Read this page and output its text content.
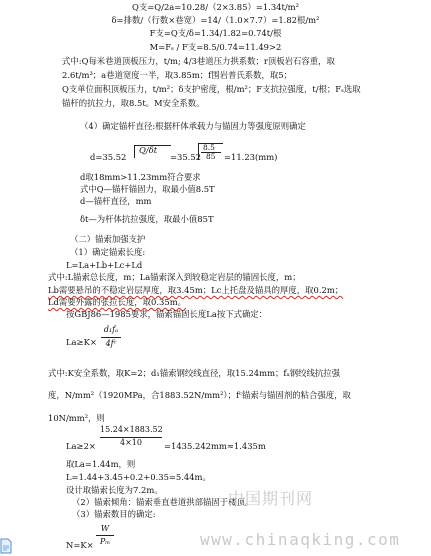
Q支=Q/2a=10.28/（2×3.85）=1.34t/m²
δ=排数/（行数×巷宽）=14/（1.0×7.7）=1.82根/m²
F支=Q支/δ=1.34/1.82=0.74t/根
M=Fₛ / F支=8.5/0.74=11.49>2
式中:Q每米巷道顶板压力，t/m; 4/3巷道压力拱系数；r顶板岩石容重，取
2.6t/m³；a巷道宽度一半，取3.85m；f围岩普氏系数，取5；
Q支单位面积顶板压力，t/m²；δ支护密度，根/m²；F支抗拉强度，t/根；Fₛ选取
锚杆的抗拉力，取8.5t。M安全系数。
（4）确定锚杆直径:根据杆体承载力与锚固力等强度原则确定
d=35.52
Q/δt
=35.52
8.5
85 =11.23(mm)
d取18mm>11.23mm符合要求
式中Q—锚杆锚固力，取最小值8.5T
d—锚杆直径，mm
δt—为杆体抗拉强度，取最小值85T
（二）锚索加强支护
（1）确定锚索长度:
L=La+Lb+Lc+Ld
式中:L锚索总长度，m；La锚索深入到较稳定岩层的锚固长度，m；
Lb需要悬吊的不稳定岩层厚度，取3.45m；Lc上托盘及锚具的厚度，取0.2m；
Ld需要外露的张拉长度，取0.35m。
按GBJ86—1985要求，锚索锚固长度La按下式确定：
d₁fₐ
4fᶜ
La≥K×
式中:K安全系数，取K=2；d₁锚索钢绞线直径，取15.24mm；fₐ钢绞线抗拉强
度，N/mm²（1920MPa，合1883.52N/mm²）；fᶜ锚索与锚固剂的粘合强度，取
10N/mm²，则
15.24×1883.52
4×10
La≥2×	=1435.242mm≈1.435m
取La=1.44m，则
L=1.44+3.45+0.2+0.35=5.44m。
设计取锚索长度为7.2m。
（2）锚索倾角：锚索垂直巷道拱部锚固于楼顶。
（3）锚索数目的确定:
W
Pₘ
N=K×
中国期刊网
www.chinaqking.com
